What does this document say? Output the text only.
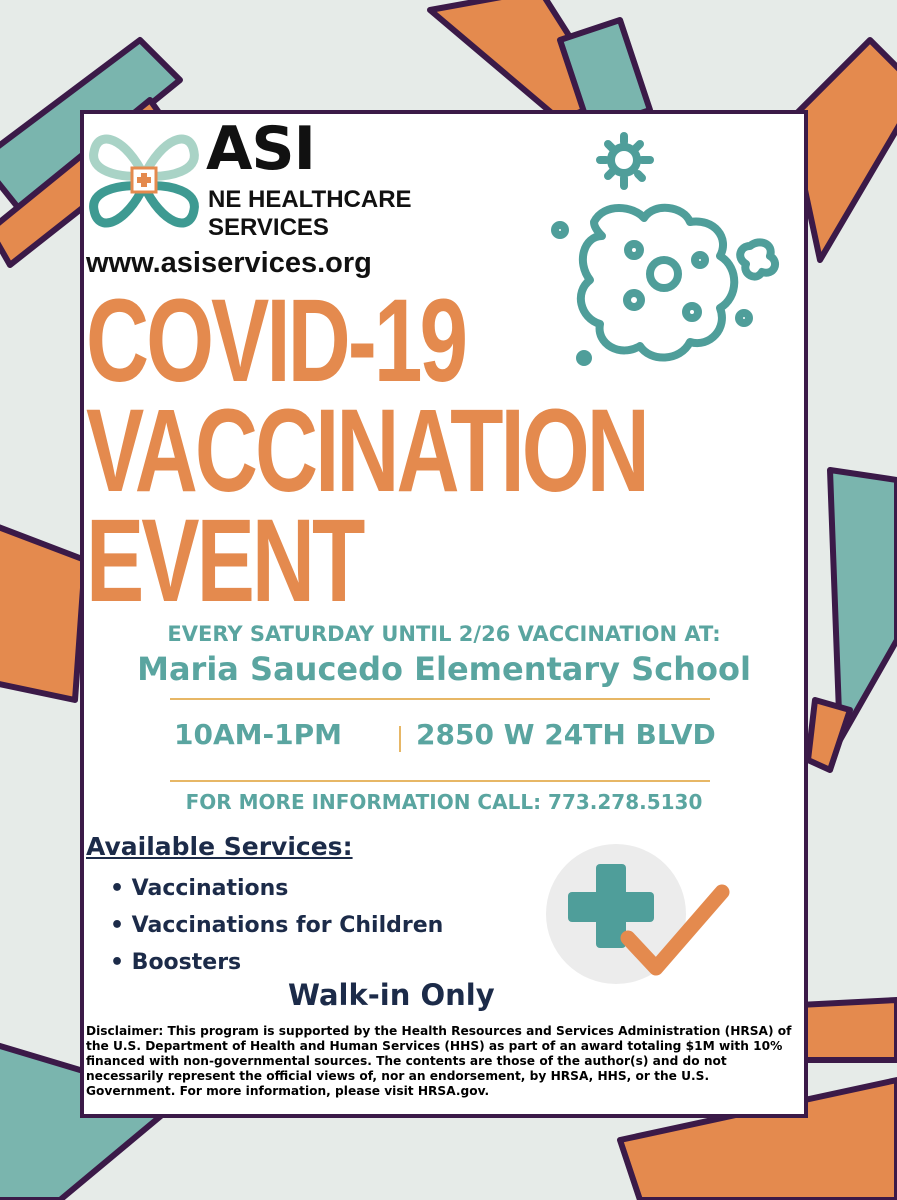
ASI
NE HEALTHCARE
SERVICES
www.asiservices.org
COVID-19
VACCINATION
EVENT
EVERY SATURDAY UNTIL 2/26 VACCINATION AT:
Maria Saucedo Elementary School
10AM-1PM	2850 W 24TH BLVD
FOR MORE INFORMATION CALL: 773.278.5130
Available Services:
• Vaccinations
• Vaccinations for Children
• Boosters
Walk-in Only
Disclaimer: This program is supported by the Health Resources and Services Administration (HRSA) of the U.S. Department of Health and Human Services (HHS) as part of an award totaling $1M with 10% financed with non-governmental sources. The contents are those of the author(s) and do not necessarily represent the official views of, nor an endorsement, by HRSA, HHS, or the U.S. Government. For more information, please visit HRSA.gov.
